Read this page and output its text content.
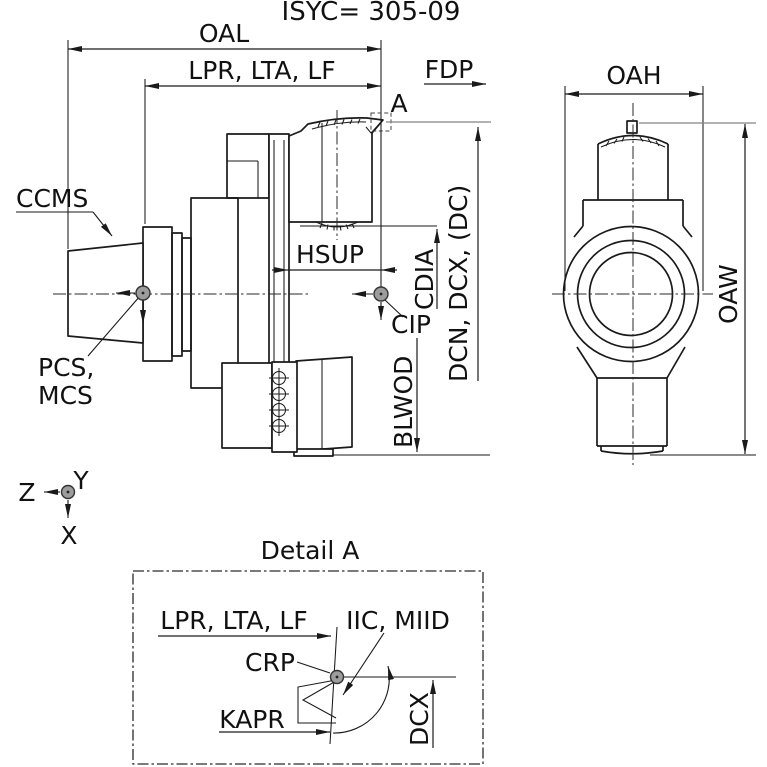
OAL
LPR, LTA, LF	FDP
A
DCN, DCX, (DC)
CDIA
HSUP
BLWOD
CCMS
PCS,
MCS
CIP
ISYC= 305-09
OAH
OAW
Z Y
X
Detail A
LPR, LTA, LF IIC, MIID
CRP
KAPR	DCX
